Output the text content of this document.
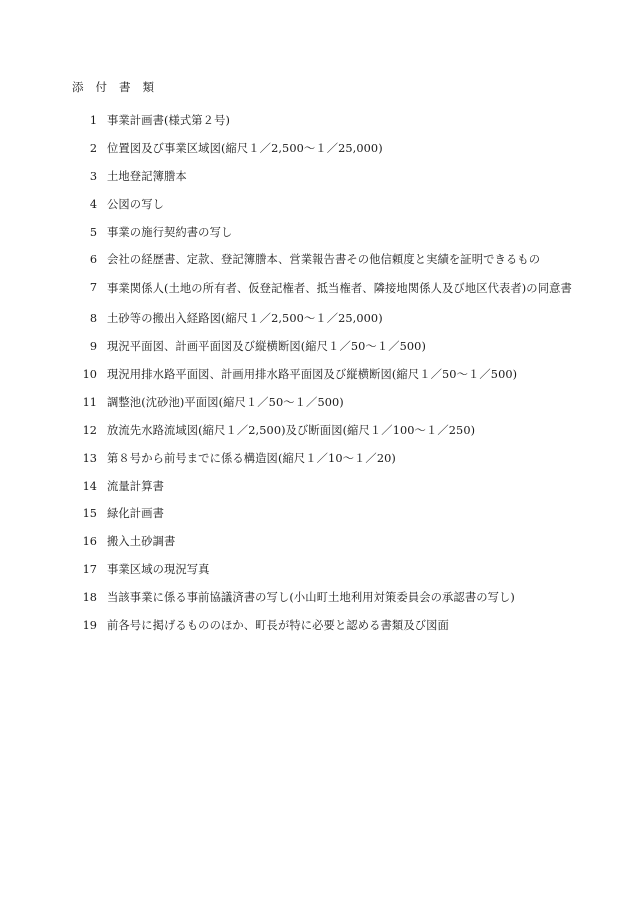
添付書類
1 事業計画書(様式第２号)
2 位置図及び事業区域図(縮尺１／2,500〜１／25,000)
3 土地登記簿謄本
4 公図の写し
5 事業の施行契約書の写し
6 会社の経歴書、定款、登記簿謄本、営業報告書その他信頼度と実績を証明できるもの
7 事業関係人(土地の所有者、仮登記権者、抵当権者、隣接地関係人及び地区代表者)の同意書
8 土砂等の搬出入経路図(縮尺１／2,500〜１／25,000)
9 現況平面図、計画平面図及び縦横断図(縮尺１／50〜１／500)
10 現況用排水路平面図、計画用排水路平面図及び縦横断図(縮尺１／50〜１／500)
11 調整池(沈砂池)平面図(縮尺１／50〜１／500)
12 放流先水路流域図(縮尺１／2,500)及び断面図(縮尺１／100〜１／250)
13 第８号から前号までに係る構造図(縮尺１／10〜１／20)
14 流量計算書
15 緑化計画書
16 搬入土砂調書
17 事業区域の現況写真
18 当該事業に係る事前協議済書の写し(小山町土地利用対策委員会の承認書の写し)
19 前各号に掲げるもののほか、町長が特に必要と認める書類及び図面
